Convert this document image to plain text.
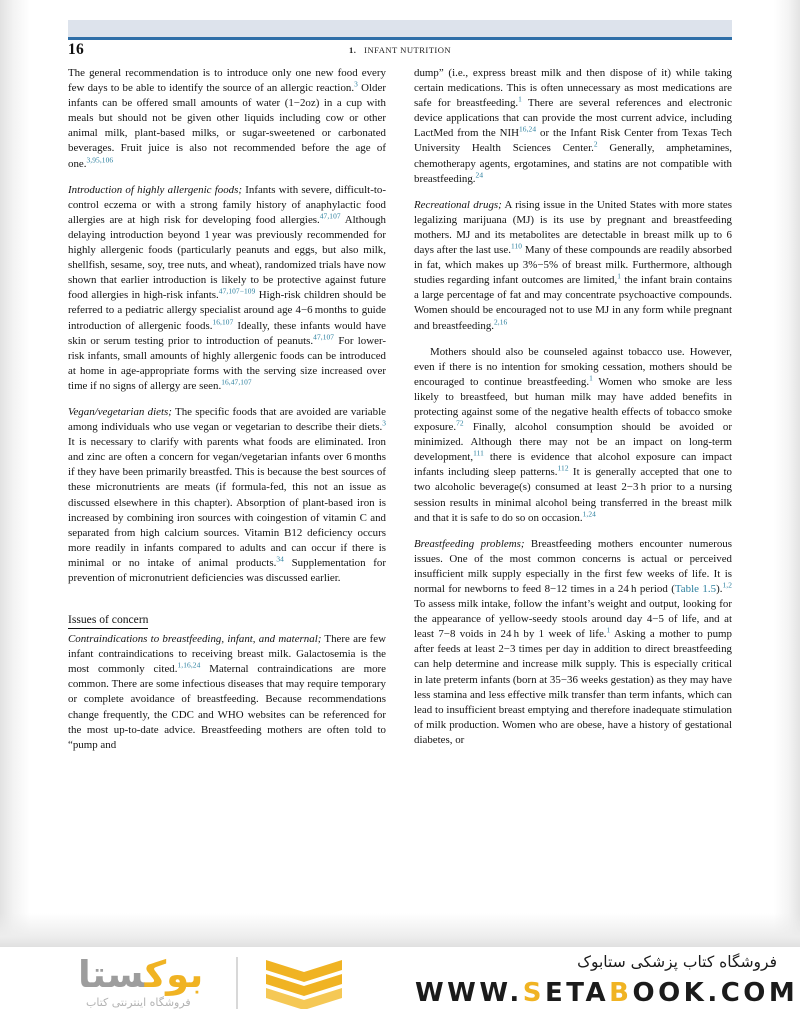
16	1. INFANT NUTRITION

The general recommendation is to introduce only one new food every few days to be able to identify the source of an allergic reaction.$^3$ Older infants can be offered small amounts of water (1−2oz) in a cup with meals but should not be given other liquids including cow or other animal milk, plant-based milks, or sugar-sweetened or carbonated beverages. Fruit juice is also not recommended before the age of one.$^{3,95,106}$

Introduction of highly allergenic foods; Infants with severe, difficult-to-control eczema or with a strong family history of anaphylactic food allergies are at high risk for developing food allergies.$^{47,107}$ Although delaying introduction beyond 1 year was previously recommended for highly allergenic foods (particularly peanuts and eggs, but also milk, shellfish, sesame, soy, tree nuts, and wheat), randomized trials have now shown that earlier introduction is likely to be protective against future food allergies in high-risk infants.$^{47,107-109}$ High-risk children should be referred to a pediatric allergy specialist around age 4−6 months to guide introduction of allergenic foods.$^{16,107}$ Ideally, these infants would have skin or serum testing prior to introduction of peanuts.$^{47,107}$ For lower-risk infants, small amounts of highly allergenic foods can be introduced at home in age-appropriate forms with the serving size increased over time if no signs of allergy are seen.$^{16,47,107}$

Vegan/vegetarian diets; The specific foods that are avoided are variable among individuals who use vegan or vegetarian to describe their diets.$^3$ It is necessary to clarify with parents what foods are eliminated. Iron and zinc are often a concern for vegan/vegetarian infants over 6 months if they have been primarily breastfed. This is because the best sources of these micronutrients are meats (if formula-fed, this not an issue as discussed elsewhere in this chapter). Absorption of plant-based iron is increased by combining iron sources with coingestion of vitamin C and separated from high calcium sources. Vitamin B12 deficiency occurs more readily in infants compared to adults and can occur if there is minimal or no intake of animal products.$^{34}$ Supplementation for prevention of micronutrient deficiencies was discussed earlier.

Issues of concern

Contraindications to breastfeeding, infant, and maternal; There are few infant contraindications to receiving breast milk. Galactosemia is the most commonly cited.$^{1,16,24}$ Maternal contraindications are more common. There are some infectious diseases that may require temporary or complete avoidance of breastfeeding. Because recommendations change frequently, the CDC and WHO websites can be referenced for the most up-to-date advice. Breastfeeding mothers are often told to “pump and

dump” (i.e., express breast milk and then dispose of it) while taking certain medications. This is often unnecessary as most medications are safe for breastfeeding.$^1$ There are several references and electronic device applications that can provide the most current advice, including LactMed from the NIH$^{16,24}$ or the Infant Risk Center from Texas Tech University Health Sciences Center.$^2$ Generally, amphetamines, chemotherapy agents, ergotamines, and statins are not compatible with breastfeeding.$^{24}$

Recreational drugs; A rising issue in the United States with more states legalizing marijuana (MJ) is its use by pregnant and breastfeeding mothers. MJ and its metabolites are detectable in breast milk up to 6 days after the last use.$^{110}$ Many of these compounds are readily absorbed in fat, which makes up 3%−5% of breast milk. Furthermore, although studies regarding infant outcomes are limited,$^1$ the infant brain contains a large percentage of fat and may concentrate psychoactive compounds. Women should be encouraged not to use MJ in any form while pregnant and breastfeeding.$^{2,16}$

Mothers should also be counseled against tobacco use. However, even if there is no intention for smoking cessation, mothers should be encouraged to continue breastfeeding.$^1$ Women who smoke are less likely to breastfeed, but human milk may have added benefits in protecting against some of the negative health effects of tobacco smoke exposure.$^{72}$ Finally, alcohol consumption should be avoided or minimized. Although there may not be an impact on long-term development,$^{111}$ there is evidence that alcohol exposure can impact infants including sleep patterns.$^{112}$ It is generally accepted that one to two alcoholic beverage(s) consumed at least 2−3 h prior to a nursing session results in minimal alcohol being transferred in the breast milk and that it is safe to do so on occasion.$^{1,24}$

Breastfeeding problems; Breastfeeding mothers encounter numerous issues. One of the most common concerns is actual or perceived insufficient milk supply especially in the first few weeks of life. It is normal for newborns to feed 8−12 times in a 24 h period (Table 1.5).$^{1,2}$ To assess milk intake, follow the infant’s weight and output, looking for the appearance of yellow-seedy stools around day 4−5 of life, and at least 7−8 voids in 24 h by 1 week of life.$^1$ Asking a mother to pump after feeds at least 2−3 times per day in addition to direct breastfeeding can help determine and increase milk supply. This is especially critical in late preterm infants (born at 35−36 weeks gestation) as they may have less stamina and less effective milk transfer than term infants, which can lead to insufficient breast emptying and therefore inadequate stimulation of milk production. Women who are obese, have a history of gestational diabetes, or

بوکستا
فروشگاه اینترنتی کتاب
فروشگاه کتاب پزشکی ستابوک
WWW.SETABOOK.COM
